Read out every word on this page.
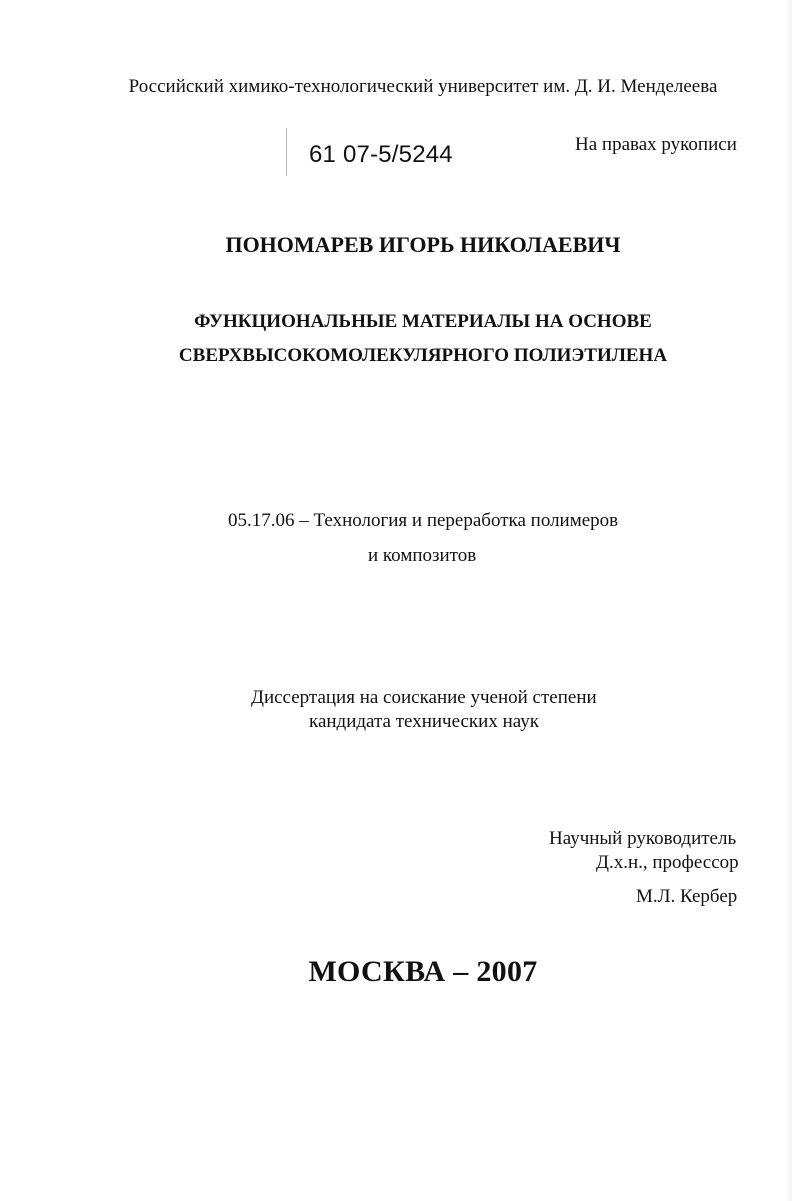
Российский химико-технологический университет им. Д. И. Менделеева
61 07-5/5244	На правах рукописи
ПОНОМАРЕВ ИГОРЬ НИКОЛАЕВИЧ
ФУНКЦИОНАЛЬНЫЕ МАТЕРИАЛЫ НА ОСНОВЕ
СВЕРХВЫСОКОМОЛЕКУЛЯРНОГО ПОЛИЭТИЛЕНА
05.17.06 – Технология и переработка полимеров
и композитов
Диссертация на соискание ученой степени
кандидата технических наук
Научный руководитель
Д.х.н., профессор
М.Л. Кербер
МОСКВА – 2007
